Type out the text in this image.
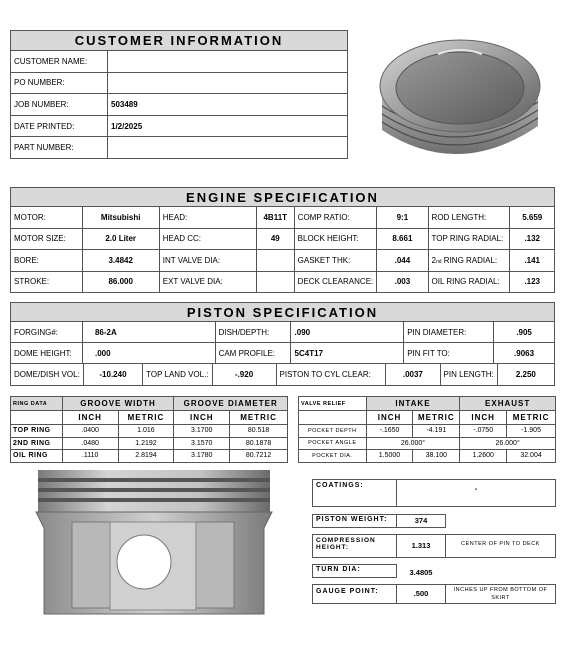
CUSTOMER INFORMATION
CUSTOMER NAME:	
PO NUMBER:	
JOB NUMBER:	503489
DATE PRINTED:	1/2/2025
PART NUMBER:	
ENGINE SPECIFICATION
MOTOR:	Mitsubishi	HEAD:	4B11T	COMP RATIO:	9:1	ROD LENGTH:	5.659
MOTOR SIZE:	2.0 Liter	HEAD CC:	49	BLOCK HEIGHT:	8.661	TOP RING RADIAL:	.132
BORE:	3.4842	INT VALVE DIA:		GASKET THK:	.044	2nd RING RADIAL:	.141
STROKE:	86.000	EXT VALVE DIA:		DECK CLEARANCE:	.003	OIL RING RADIAL:	.123
PISTON SPECIFICATION
FORGING#:	86-2A	DISH/DEPTH:	.090	PIN DIAMETER:	.905
DOME HEIGHT:	.000	CAM PROFILE:	5C4T17	PIN FIT TO:	.9063
DOME/DISH VOL:	-10.240	TOP LAND VOL.:	-.920	PISTON TO CYL CLEAR:	.0037	PIN LENGTH:	2.250
RING DATA	GROOVE WIDTH		GROOVE DIAMETER	
	INCH	METRIC	INCH	METRIC
TOP RING	.0400	1.016	3.1700	80.518
2ND RING	.0480	1.2192	3.1570	80.1878
OIL RING	.1110	2.8194	3.1780	80.7212
VALVE RELIEF	INTAKE		EXHAUST	
	INCH	METRIC	INCH	METRIC
POCKET DEPTH	-.1650	-4.191	-.0750	-1.905
POCKET ANGLE	26.000°		26.000°	
POCKET DIA.	1.5000	38.100	1.2600	32.004
COATINGS:	-
PISTON WEIGHT:	374
COMPRESSION HEIGHT:	1.313	CENTER OF PIN TO DECK
TURN DIA:	3.4805
GAUGE POINT:	.500	INCHES UP FROM BOTTOM OF SKIRT
